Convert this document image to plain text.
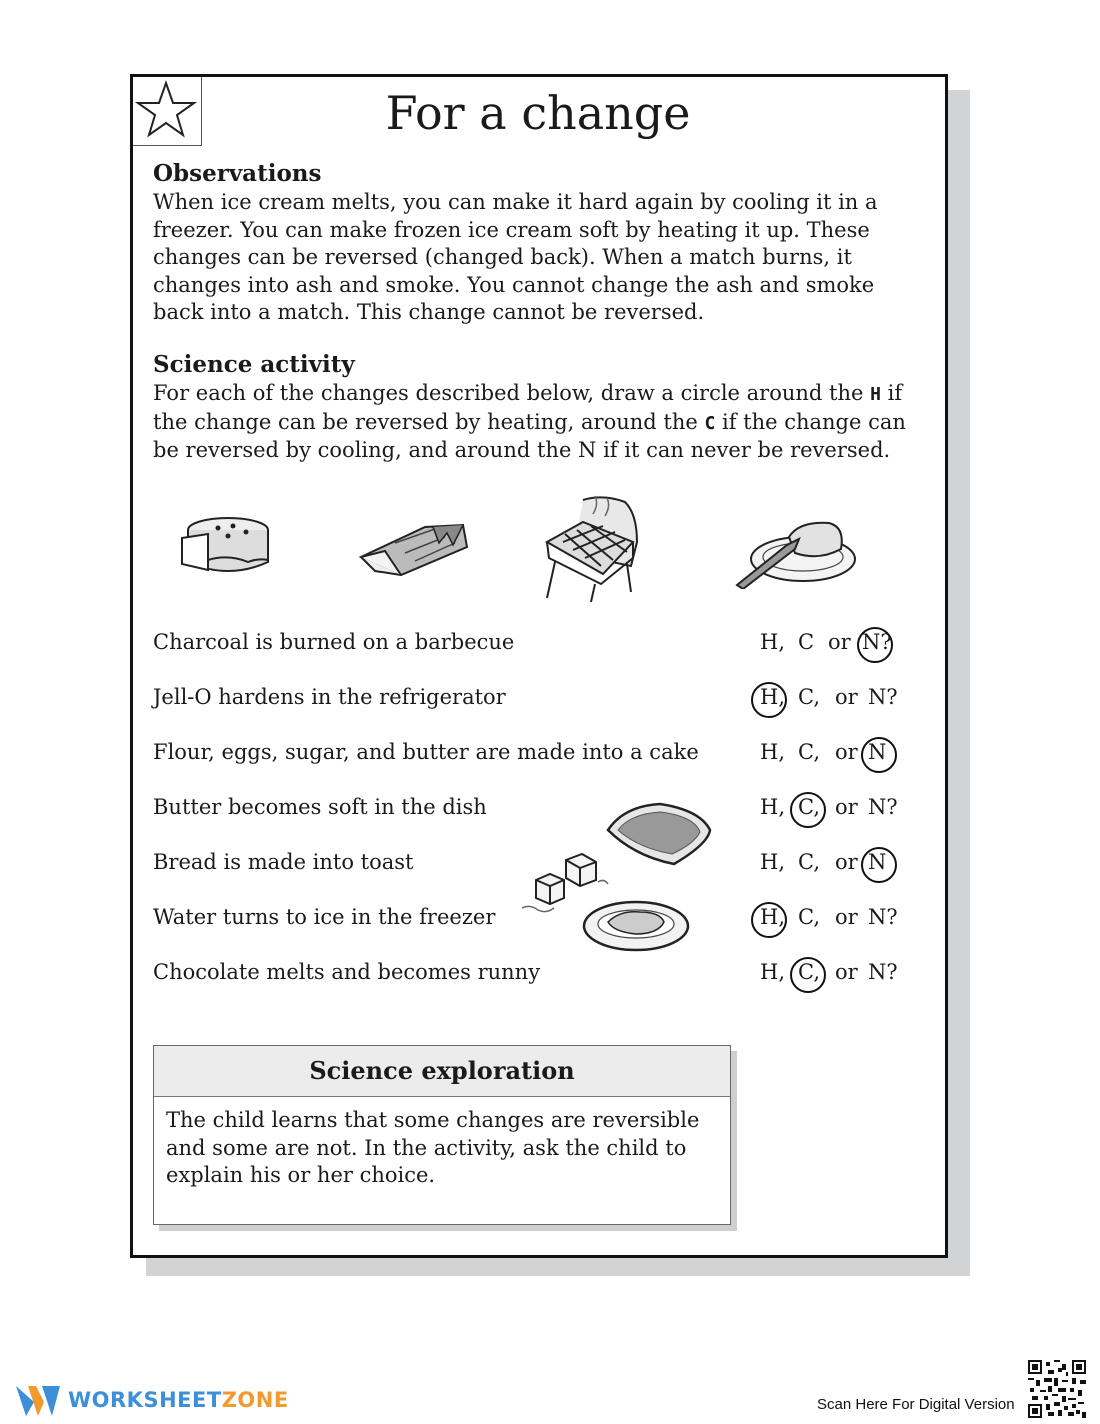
For a change
Observations
When ice cream melts, you can make it hard again by cooling it in a freezer. You can make frozen ice cream soft by heating it up. These changes can be reversed (changed back). When a match burns, it changes into ash and smoke. You cannot change the ash and smoke back into a match. This change cannot be reversed.
Science activity
For each of the changes described below, draw a circle around the H if the change can be reversed by heating, around the C if the change can be reversed by cooling, and around the N if it can never be reversed.
Charcoal is burned on a barbecue
Jell-O hardens in the refrigerator
Flour, eggs, sugar, and butter are made into a cake
Butter becomes soft in the dish
Bread is made into toast
Water turns to ice in the freezer
Chocolate melts and becomes runny
H, C or N?
H, C, or N?
H, C, or N
H, C, or N?
H, C, or N
H, C, or N?
H, C, or N?
Science exploration
The child learns that some changes are reversible and some are not. In the activity, ask the child to explain his or her choice.
WORKSHEETZONE	Scan Here For Digital Version
